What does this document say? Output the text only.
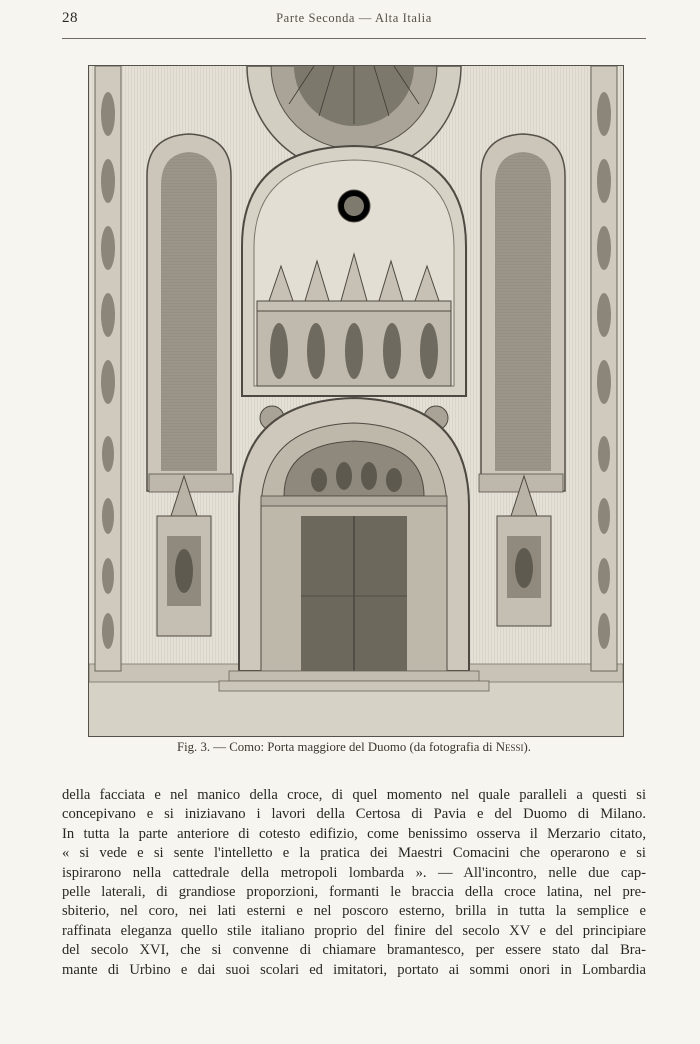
28	Parte Seconda — Alta Italia
Fig. 3. — Como: Porta maggiore del Duomo (da fotografia di Nessi).
della facciata e nel manico della croce, di quel momento nel quale paralleli a questi si
concepivano e si iniziavano i lavori della Certosa di Pavia e del Duomo di Milano.
In tutta la parte anteriore di cotesto edifizio, come benissimo osserva il Merzario citato,
« si vede e si sente l'intelletto e la pratica dei Maestri Comacini che operarono e si
ispirarono nella cattedrale della metropoli lombarda ». — All'incontro, nelle due cap-
pelle laterali, di grandiose proporzioni, formanti le braccia della croce latina, nel pre-
sbiterio, nel coro, nei lati esterni e nel poscoro esterno, brilla in tutta la semplice e
raffinata eleganza quello stile italiano proprio del finire del secolo XV e del principiare
del secolo XVI, che si convenne di chiamare bramantesco, per essere stato dal Bra-
mante di Urbino e dai suoi scolari ed imitatori, portato ai sommi onori in Lombardia
